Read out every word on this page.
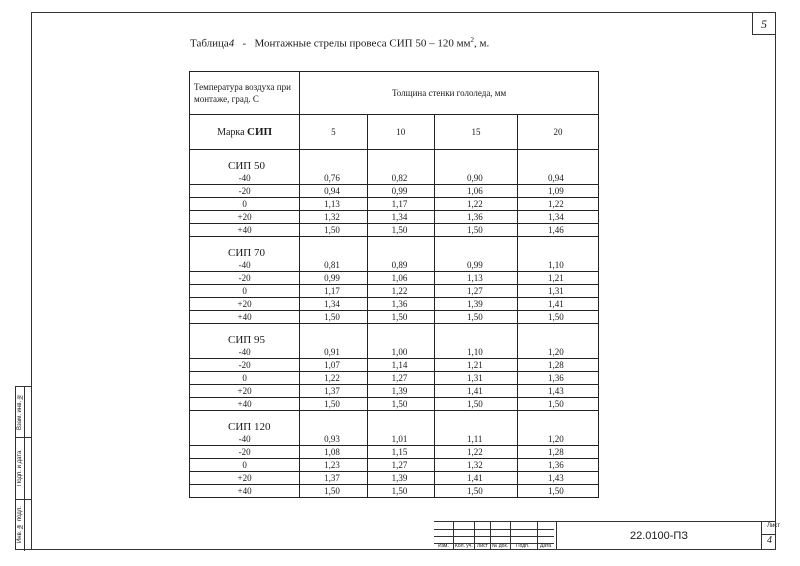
5
Таблица4 - Монтажные стрелы провеса СИП 50 – 120 $мм^2$, м.
Температура воздуха при монтаже, град. С	Толщина стенки гололеда, мм			
Марка СИП	5	10	15	20
СИП 50				
-40	0,76	0,82	0,90	0,94
-20	0,94	0,99	1,06	1,09
0	1,13	1,17	1,22	1,22
+20	1,32	1,34	1,36	1,34
+40	1,50	1,50	1,50	1,46
СИП 70				
-40	0,81	0,89	0,99	1,10
-20	0,99	1,06	1,13	1,21
0	1,17	1,22	1,27	1,31
+20	1,34	1,36	1,39	1,41
+40	1,50	1,50	1,50	1,50
СИП 95				
-40	0,91	1,00	1,10	1,20
-20	1,07	1,14	1,21	1,28
0	1,22	1,27	1,31	1,36
+20	1,37	1,39	1,41	1,43
+40	1,50	1,50	1,50	1,50
СИП 120				
-40	0,93	1,01	1,11	1,20
-20	1,08	1,15	1,22	1,28
0	1,23	1,27	1,32	1,36
+20	1,37	1,39	1,41	1,43
+40	1,50	1,50	1,50	1,50
Изм. Кол. уч. Лист № док. Подп. Дата
22.0100-ПЗ
Лист
4
Взам. инв. №
Подп. и дата
Инв. № подл.
